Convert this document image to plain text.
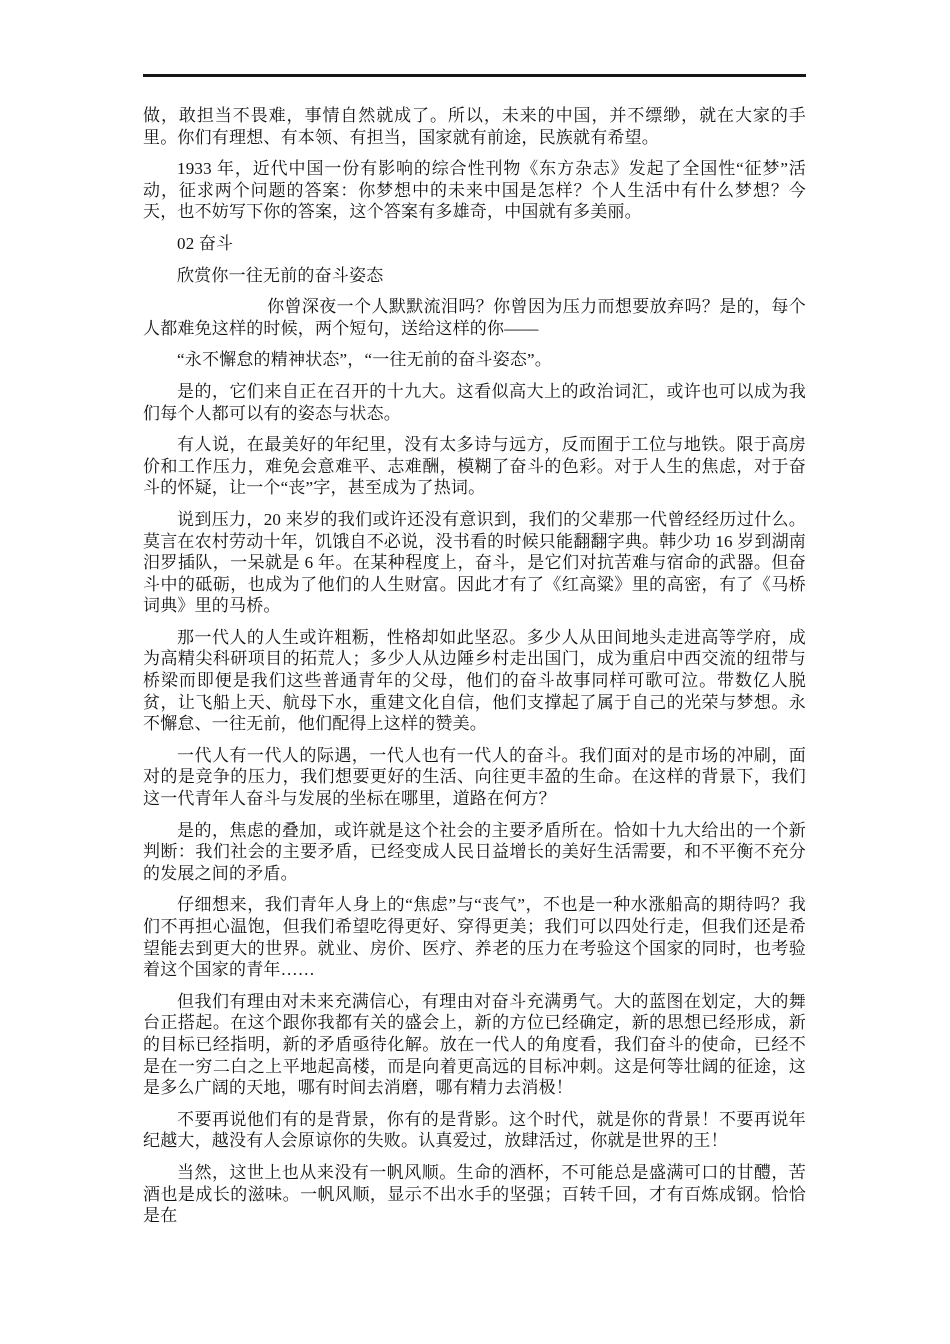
做，敢担当不畏难，事情自然就成了。所以，未来的中国，并不缥缈，就在大家的手里。你们有理想、有本领、有担当，国家就有前途，民族就有希望。

1933 年，近代中国一份有影响的综合性刊物《东方杂志》发起了全国性“征梦”活动，征求两个问题的答案：你梦想中的未来中国是怎样？个人生活中有什么梦想？今天，也不妨写下你的答案，这个答案有多雄奇，中国就有多美丽。

02 奋斗

欣赏你一往无前的奋斗姿态

你曾深夜一个人默默流泪吗？你曾因为压力而想要放弃吗？是的，每个人都难免这样的时候，两个短句，送给这样的你——

“永不懈怠的精神状态”，“一往无前的奋斗姿态”。

是的，它们来自正在召开的十九大。这看似高大上的政治词汇，或许也可以成为我们每个人都可以有的姿态与状态。

有人说，在最美好的年纪里，没有太多诗与远方，反而囿于工位与地铁。限于高房价和工作压力，难免会意难平、志难酬，模糊了奋斗的色彩。对于人生的焦虑，对于奋斗的怀疑，让一个“丧”字，甚至成为了热词。

说到压力，20 来岁的我们或许还没有意识到，我们的父辈那一代曾经经历过什么。莫言在农村劳动十年，饥饿自不必说，没书看的时候只能翻翻字典。韩少功 16 岁到湖南汨罗插队，一呆就是 6 年。在某种程度上，奋斗，是它们对抗苦难与宿命的武器。但奋斗中的砥砺，也成为了他们的人生财富。因此才有了《红高粱》里的高密，有了《马桥词典》里的马桥。

那一代人的人生或许粗粝，性格却如此坚忍。多少人从田间地头走进高等学府，成为高精尖科研项目的拓荒人；多少人从边陲乡村走出国门，成为重启中西交流的纽带与桥梁而即便是我们这些普通青年的父母，他们的奋斗故事同样可歌可泣。带数亿人脱贫，让飞船上天、航母下水，重建文化自信，他们支撑起了属于自己的光荣与梦想。永不懈怠、一往无前，他们配得上这样的赞美。

一代人有一代人的际遇，一代人也有一代人的奋斗。我们面对的是市场的冲刷，面对的是竞争的压力，我们想要更好的生活、向往更丰盈的生命。在这样的背景下，我们这一代青年人奋斗与发展的坐标在哪里，道路在何方？

是的，焦虑的叠加，或许就是这个社会的主要矛盾所在。恰如十九大给出的一个新判断：我们社会的主要矛盾，已经变成人民日益增长的美好生活需要，和不平衡不充分的发展之间的矛盾。

仔细想来，我们青年人身上的“焦虑”与“丧气”，不也是一种水涨船高的期待吗？我们不再担心温饱，但我们希望吃得更好、穿得更美；我们可以四处行走，但我们还是希望能去到更大的世界。就业、房价、医疗、养老的压力在考验这个国家的同时，也考验着这个国家的青年……

但我们有理由对未来充满信心，有理由对奋斗充满勇气。大的蓝图在划定，大的舞台正搭起。在这个跟你我都有关的盛会上，新的方位已经确定，新的思想已经形成，新的目标已经指明，新的矛盾亟待化解。放在一代人的角度看，我们奋斗的使命，已经不是在一穷二白之上平地起高楼，而是向着更高远的目标冲刺。这是何等壮阔的征途，这是多么广阔的天地，哪有时间去消磨，哪有精力去消极！

不要再说他们有的是背景，你有的是背影。这个时代，就是你的背景！不要再说年纪越大，越没有人会原谅你的失败。认真爱过，放肆活过，你就是世界的王！

当然，这世上也从来没有一帆风顺。生命的酒杯，不可能总是盛满可口的甘醴，苦酒也是成长的滋味。一帆风顺，显示不出水手的坚强；百转千回，才有百炼成钢。恰恰是在
